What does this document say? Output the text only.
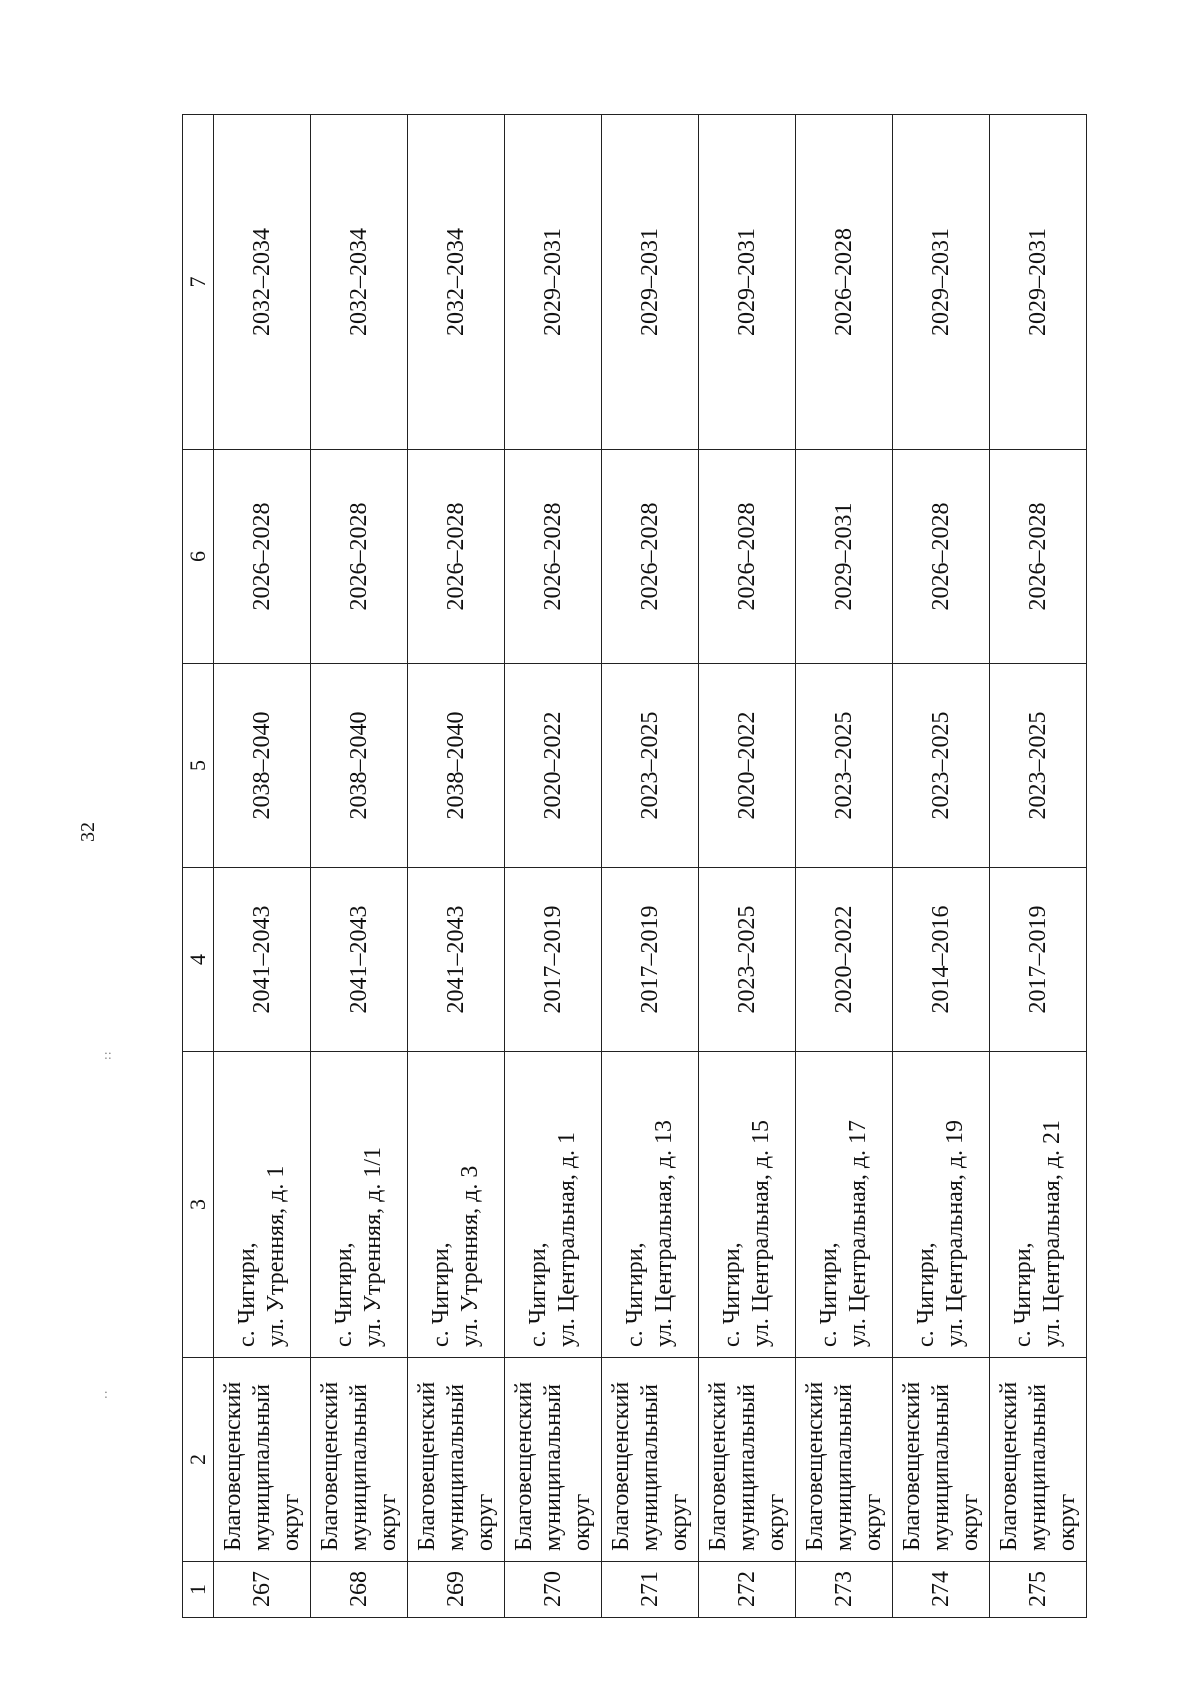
32
:
::
1	2	3	4	5	6	7
267	Благовещенский
муниципальный
округ	с. Чигири,
ул. Утренняя, д. 1	2041–2043	2038–2040	2026–2028	2032–2034
268	Благовещенский
муниципальный
округ	с. Чигири,
ул. Утренняя, д. 1/1	2041–2043	2038–2040	2026–2028	2032–2034
269	Благовещенский
муниципальный
округ	с. Чигири,
ул. Утренняя, д. 3	2041–2043	2038–2040	2026–2028	2032–2034
270	Благовещенский
муниципальный
округ	с. Чигири,
ул. Центральная, д. 1	2017–2019	2020–2022	2026–2028	2029–2031
271	Благовещенский
муниципальный
округ	с. Чигири,
ул. Центральная, д. 13	2017–2019	2023–2025	2026–2028	2029–2031
272	Благовещенский
муниципальный
округ	с. Чигири,
ул. Центральная, д. 15	2023–2025	2020–2022	2026–2028	2029–2031
273	Благовещенский
муниципальный
округ	с. Чигири,
ул. Центральная, д. 17	2020–2022	2023–2025	2029–2031	2026–2028
274	Благовещенский
муниципальный
округ	с. Чигири,
ул. Центральная, д. 19	2014–2016	2023–2025	2026–2028	2029–2031
275	Благовещенский
муниципальный
округ	с. Чигири,
ул. Центральная, д. 21	2017–2019	2023–2025	2026–2028	2029–2031
